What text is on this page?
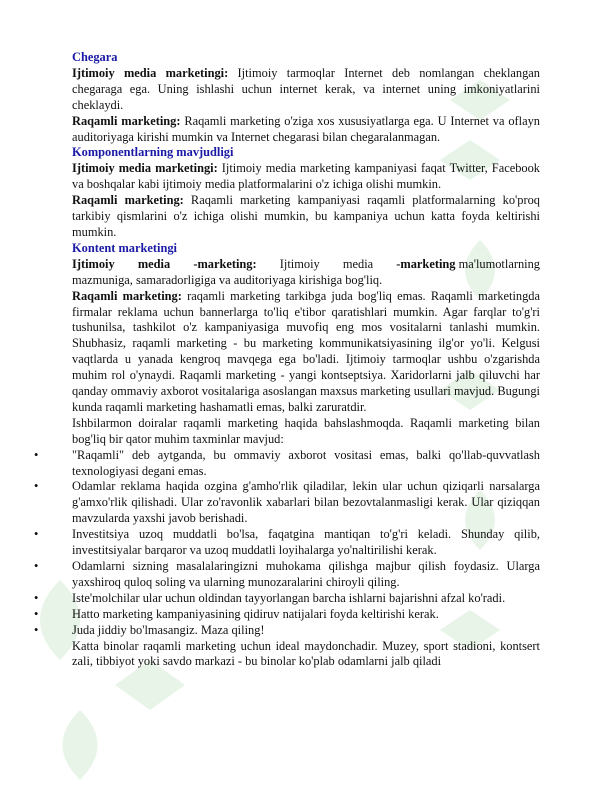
Chegara

Ijtimoiy media marketingi: Ijtimoiy tarmoqlar Internet deb nomlangan cheklangan chegaraga ega. Uning ishlashi uchun internet kerak, va internet uning imkoniyatlarini cheklaydi.

Raqamli marketing: Raqamli marketing o'ziga xos xususiyatlarga ega. U Internet va oflayn auditoriyaga kirishi mumkin va Internet chegarasi bilan chegaralanmagan.

Komponentlarning mavjudligi

Ijtimoiy media marketingi: Ijtimoiy media marketing kampaniyasi faqat Twitter, Facebook va boshqalar kabi ijtimoiy media platformalarini o'z ichiga olishi mumkin.

Raqamli marketing: Raqamli marketing kampaniyasi raqamli platformalarning ko'proq tarkibiy qismlarini o'z ichiga olishi mumkin, bu kampaniya uchun katta foyda keltirishi mumkin.

Kontent marketingi
Ijtimoiy media -marketing: Ijtimoiy media -marketing ma'lumotlarning

mazmuniga, samaradorligiga va auditoriyaga kirishiga bog'liq.

Raqamli marketing: raqamli marketing tarkibga juda bog'liq emas. Raqamli marketingda firmalar reklama uchun bannerlarga to'liq e'tibor qaratishlari mumkin. Agar farqlar to'g'ri tushunilsa, tashkilot o'z kampaniyasiga muvofiq eng mos vositalarni tanlashi mumkin. Shubhasiz, raqamli marketing - bu marketing kommunikatsiyasining ilg'or yo'li. Kelgusi vaqtlarda u yanada kengroq mavqega ega bo'ladi. Ijtimoiy tarmoqlar ushbu o'zgarishda muhim rol o'ynaydi. Raqamli marketing - yangi kontseptsiya. Xaridorlarni jalb qiluvchi har qanday ommaviy axborot vositalariga asoslangan maxsus marketing usullari mavjud. Bugungi kunda raqamli marketing hashamatli emas, balki zaruratdir.

Ishbilarmon doiralar raqamli marketing haqida bahslashmoqda. Raqamli marketing bilan bog'liq bir qator muhim taxminlar mavjud:

• "Raqamli" deb aytganda, bu ommaviy axborot vositasi emas, balki qo'llab-quvvatlash texnologiyasi degani emas.
• Odamlar reklama haqida ozgina g'amho'rlik qiladilar, lekin ular uchun qiziqarli narsalarga g'amxo'rlik qilishadi. Ular zo'ravonlik xabarlari bilan bezovtalanmasligi kerak. Ular qiziqqan mavzularda yaxshi javob berishadi.
• Investitsiya uzoq muddatli bo'lsa, faqatgina mantiqan to'g'ri keladi. Shunday qilib, investitsiyalar barqaror va uzoq muddatli loyihalarga yo'naltirilishi kerak.
• Odamlarni sizning masalalaringizni muhokama qilishga majbur qilish foydasiz. Ularga yaxshiroq quloq soling va ularning munozaralarini chiroyli qiling.
• Iste'molchilar ular uchun oldindan tayyorlangan barcha ishlarni bajarishni afzal ko'radi.
• Hatto marketing kampaniyasining qidiruv natijalari foyda keltirishi kerak.
• Juda jiddiy bo'lmasangiz. Maza qiling!

Katta binolar raqamli marketing uchun ideal maydonchadir. Muzey, sport stadioni, kontsert zali, tibbiyot yoki savdo markazi - bu binolar ko'plab odamlarni jalb qiladi
